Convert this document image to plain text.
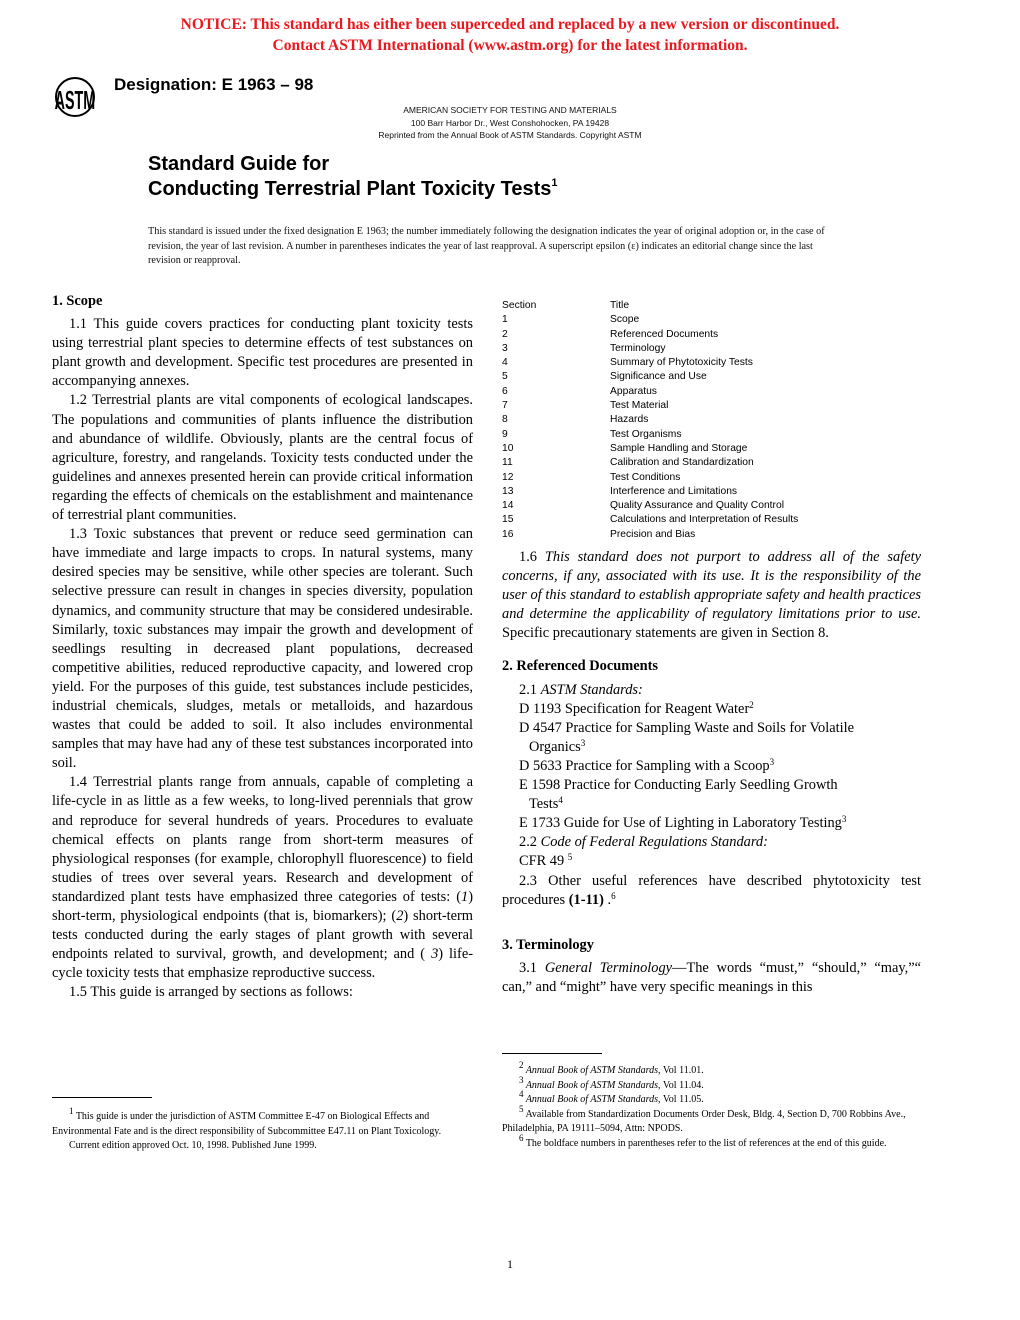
NOTICE: This standard has either been superceded and replaced by a new version or discontinued.
Contact ASTM International (www.astm.org) for the latest information.
ASTM
Designation: E 1963 – 98
AMERICAN SOCIETY FOR TESTING AND MATERIALS
100 Barr Harbor Dr., West Conshohocken, PA 19428
Reprinted from the Annual Book of ASTM Standards. Copyright ASTM
Standard Guide for
Conducting Terrestrial Plant Toxicity Tests$^1$
This standard is issued under the fixed designation E 1963; the number immediately following the designation indicates the year of original adoption or, in the case of revision, the year of last revision. A number in parentheses indicates the year of last reapproval. A superscript epsilon (ε) indicates an editorial change since the last revision or reapproval.
1. Scope

1.1 This guide covers practices for conducting plant toxicity tests using terrestrial plant species to determine effects of test substances on plant growth and development. Specific test procedures are presented in accompanying annexes.

1.2 Terrestrial plants are vital components of ecological landscapes. The populations and communities of plants influence the distribution and abundance of wildlife. Obviously, plants are the central focus of agriculture, forestry, and rangelands. Toxicity tests conducted under the guidelines and annexes presented herein can provide critical information regarding the effects of chemicals on the establishment and maintenance of terrestrial plant communities.

1.3 Toxic substances that prevent or reduce seed germination can have immediate and large impacts to crops. In natural systems, many desired species may be sensitive, while other species are tolerant. Such selective pressure can result in changes in species diversity, population dynamics, and community structure that may be considered undesirable. Similarly, toxic substances may impair the growth and development of seedlings resulting in decreased plant populations, decreased competitive abilities, reduced reproductive capacity, and lowered crop yield. For the purposes of this guide, test substances include pesticides, industrial chemicals, sludges, metals or metalloids, and hazardous wastes that could be added to soil. It also includes environmental samples that may have had any of these test substances incorporated into soil.

1.4 Terrestrial plants range from annuals, capable of completing a life-cycle in as little as a few weeks, to long-lived perennials that grow and reproduce for several hundreds of years. Procedures to evaluate chemical effects on plants range from short-term measures of physiological responses (for example, chlorophyll fluorescence) to field studies of trees over several years. Research and development of standardized plant tests have emphasized three categories of tests: (1) short-term, physiological endpoints (that is, biomarkers); (2) short-term tests conducted during the early stages of plant growth with several endpoints related to survival, growth, and development; and ( 3) life-cycle toxicity tests that emphasize reproductive success.

1.5 This guide is arranged by sections as follows:

Section	Title
1	Scope
2	Referenced Documents
3	Terminology
4	Summary of Phytotoxicity Tests
5	Significance and Use
6	Apparatus
7	Test Material
8	Hazards
9	Test Organisms
10	Sample Handling and Storage
11	Calibration and Standardization
12	Test Conditions
13	Interference and Limitations
14	Quality Assurance and Quality Control
15	Calculations and Interpretation of Results
16	Precision and Bias

1.6 This standard does not purport to address all of the safety concerns, if any, associated with its use. It is the responsibility of the user of this standard to establish appropriate safety and health practices and determine the applicability of regulatory limitations prior to use. Specific precautionary statements are given in Section 8.

2. Referenced Documents

2.1 ASTM Standards:

D 1193 Specification for Reagent Water$^2$

D 4547 Practice for Sampling Waste and Soils for Volatile

Organics$^3$

D 5633 Practice for Sampling with a Scoop$^3$

E 1598 Practice for Conducting Early Seedling Growth

Tests$^4$

E 1733 Guide for Use of Lighting in Laboratory Testing$^3$

2.2 Code of Federal Regulations Standard:

CFR 49 $^5$

2.3 Other useful references have described phytotoxicity test procedures (1-11) .$^6$

3. Terminology

3.1 General Terminology—The words “must,” “should,” “may,”“ can,” and “might” have very specific meanings in this

$^1$ This guide is under the jurisdiction of ASTM Committee E-47 on Biological Effects and Environmental Fate and is the direct responsibility of Subcommittee E47.11 on Plant Toxicology.

Current edition approved Oct. 10, 1998. Published June 1999.

$^2$ Annual Book of ASTM Standards, Vol 11.01.

$^3$ Annual Book of ASTM Standards, Vol 11.04.

$^4$ Annual Book of ASTM Standards, Vol 11.05.

$^5$ Available from Standardization Documents Order Desk, Bldg. 4, Section D, 700 Robbins Ave., Philadelphia, PA 19111–5094, Attn: NPODS.

$^6$ The boldface numbers in parentheses refer to the list of references at the end of this guide.

1
